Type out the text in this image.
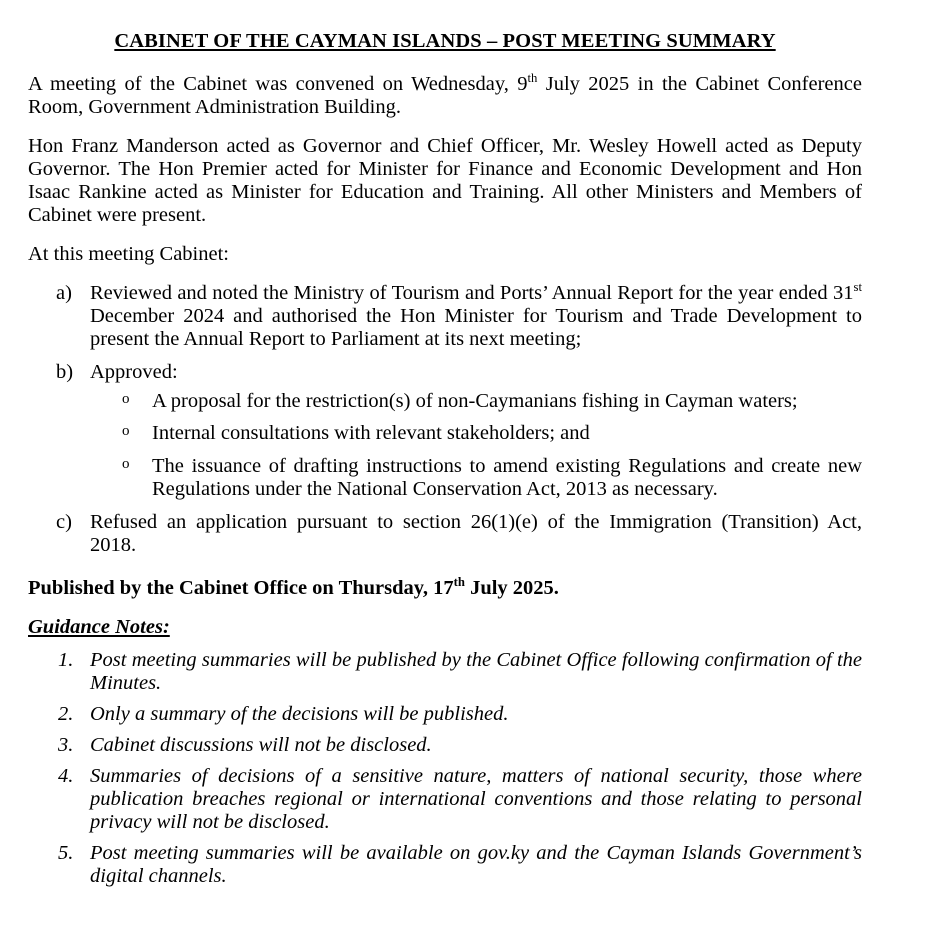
CABINET OF THE CAYMAN ISLANDS – POST MEETING SUMMARY

A meeting of the Cabinet was convened on Wednesday, 9th July 2025 in the Cabinet Conference Room, Government Administration Building.

Hon Franz Manderson acted as Governor and Chief Officer, Mr. Wesley Howell acted as Deputy Governor. The Hon Premier acted for Minister for Finance and Economic Development and Hon Isaac Rankine acted as Minister for Education and Training. All other Ministers and Members of Cabinet were present.

At this meeting Cabinet:

a) Reviewed and noted the Ministry of Tourism and Ports’ Annual Report for the year ended 31st December 2024 and authorised the Hon Minister for Tourism and Trade Development to present the Annual Report to Parliament at its next meeting;
b) Approved:
o A proposal for the restriction(s) of non-Caymanians fishing in Cayman waters;
o Internal consultations with relevant stakeholders; and
o The issuance of drafting instructions to amend existing Regulations and create new Regulations under the National Conservation Act, 2013 as necessary.
c) Refused an application pursuant to section 26(1)(e) of the Immigration (Transition) Act, 2018.

Published by the Cabinet Office on Thursday, 17th July 2025.

Guidance Notes:
1. Post meeting summaries will be published by the Cabinet Office following confirmation of the Minutes.
2. Only a summary of the decisions will be published.
3. Cabinet discussions will not be disclosed.
4. Summaries of decisions of a sensitive nature, matters of national security, those where publication breaches regional or international conventions and those relating to personal privacy will not be disclosed.
5. Post meeting summaries will be available on gov.ky and the Cayman Islands Government’s digital channels.
